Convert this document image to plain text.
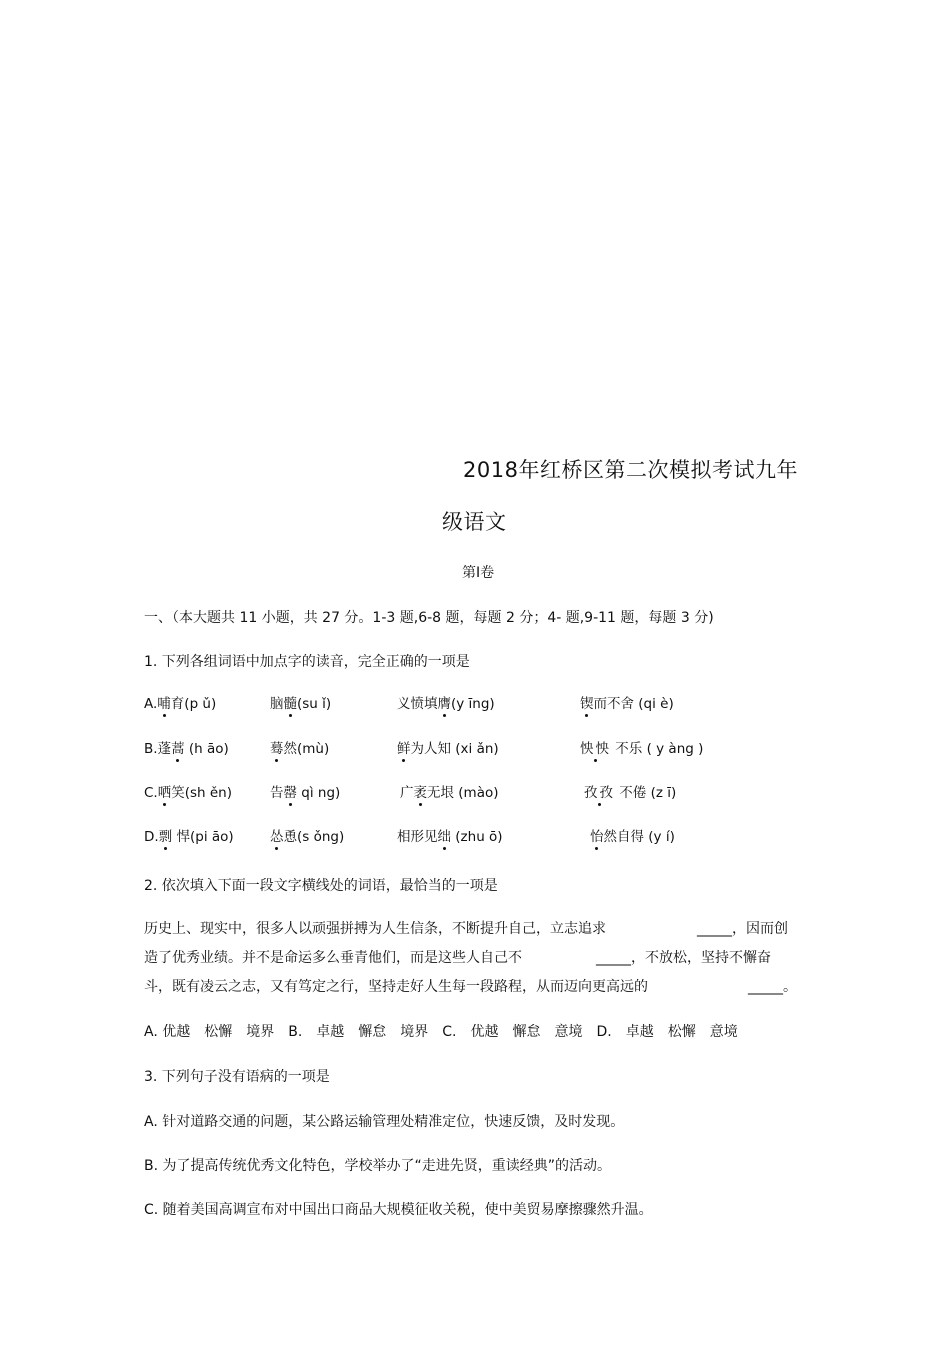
2018年红桥区第二次模拟考试九年
级语文
第Ⅰ卷
一、（本大题共 11 小题，共 27 分。1-3 题,6-8 题，每题 2 分；4- 题,9-11 题，每题 3 分)
1. 下列各组词语中加点字的读音，完全正确的一项是
A.哺育(p ǔ)	脑髓(su ǐ)	义愤填膺(y īng)	锲而不舍 (qi è)
B.蓬蒿 (h āo)	蓦然(mù)	鲜为人知 (xi ǎn)	怏怏 不乐 ( y àng )
C.哂笑(sh ěn)	告罄 qì ng)	广袤无垠 (mào)	孜孜 不倦 (z ī)
D.剽 悍(pi āo)	怂恿(s ǒng)	相形见绌 (zhu ō)	怡然自得 (y í)
2. 依次填入下面一段文字横线处的词语，最恰当的一项是
历史上、现实中，很多人以顽强拼搏为人生信条，不断提升自己，立志追求	_____，因而创
造了优秀业绩。并不是命运多么垂青他们，而是这些人自己不	_____，不放松，坚持不懈奋
斗，既有凌云之志，又有笃定之行，坚持走好人生每一段路程，从而迈向更高远的	_____。
A. 优越　松懈　境界　B.　卓越　懈怠　境界　C.　优越　懈怠　意境　D.　卓越　松懈　意境
3. 下列句子没有语病的一项是
A. 针对道路交通的问题，某公路运输管理处精准定位，快速反馈，及时发现。
B. 为了提高传统优秀文化特色，学校举办了“走进先贤，重读经典”的活动。
C. 随着美国高调宣布对中国出口商品大规模征收关税，使中美贸易摩擦骤然升温。
